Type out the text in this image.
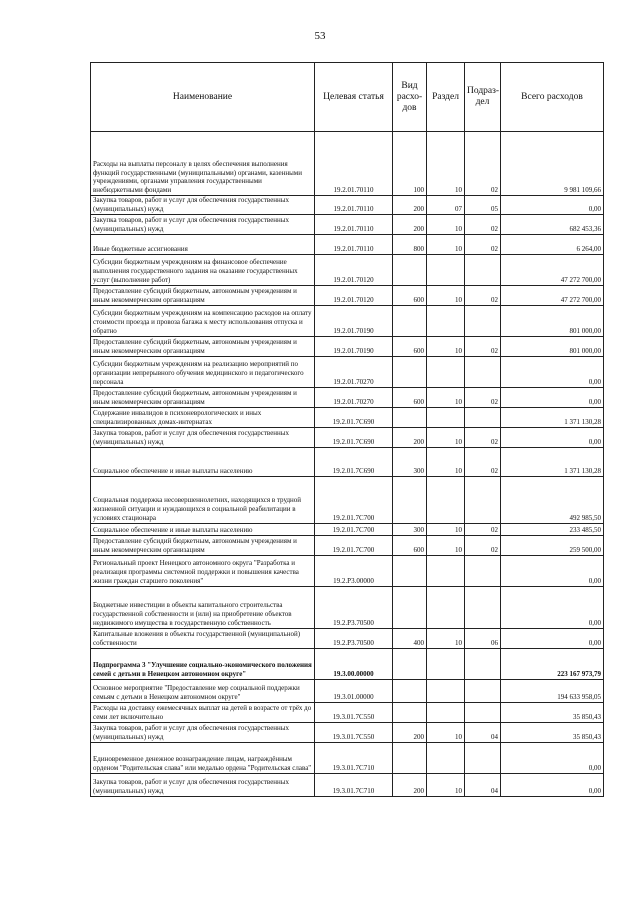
53
Наименование	Целевая статья	Вид расхо-дов	Раздел	Подраз-дел	Всего расходов
Расходы на выплаты персоналу в целях обеспечения выполнения функций государственными (муниципальными) органами, казенными учреждениями, органами управления государственными внебюджетными фондами	19.2.01.70110	100	10	02	9 981 109,66
Закупка товаров, работ и услуг для обеспечения государственных (муниципальных) нужд	19.2.01.70110	200	07	05	0,00
Закупка товаров, работ и услуг для обеспечения государственных (муниципальных) нужд	19.2.01.70110	200	10	02	682 453,36
Иные бюджетные ассигнования	19.2.01.70110	800	10	02	6 264,00
Субсидии бюджетным учреждениям на финансовое обеспечение выполнения государственного задания на оказание государственных услуг (выполнение работ)	19.2.01.70120				47 272 700,00
Предоставление субсидий бюджетным, автономным учреждениям и иным некоммерческим организациям	19.2.01.70120	600	10	02	47 272 700,00
Субсидии бюджетным учреждениям на компенсацию расходов на оплату стоимости проезда и провоза багажа к месту использования отпуска и обратно	19.2.01.70190				801 000,00
Предоставление субсидий бюджетным, автономным учреждениям и иным некоммерческим организациям	19.2.01.70190	600	10	02	801 000,00
Субсидии бюджетным учреждениям на реализацию мероприятий по организации непрерывного обучения медицинского и педагогического персонала	19.2.01.70270				0,00
Предоставление субсидий бюджетным, автономным учреждениям и иным некоммерческим организациям	19.2.01.70270	600	10	02	0,00
Содержание инвалидов в психоневрологических и иных специализированных домах-интернатах	19.2.01.7С690				1 371 130,28
Закупка товаров, работ и услуг для обеспечения государственных (муниципальных) нужд	19.2.01.7С690	200	10	02	0,00
Социальное обеспечение и иные выплаты населению	19.2.01.7С690	300	10	02	1 371 130,28
Социальная поддержка несовершеннолетних, находящихся в трудной жизненной ситуации и нуждающихся в социальной реабилитации в условиях стационара	19.2.01.7С700				492 985,50
Социальное обеспечение и иные выплаты населению	19.2.01.7С700	300	10	02	233 485,50
Предоставление субсидий бюджетным, автономным учреждениям и иным некоммерческим организациям	19.2.01.7С700	600	10	02	259 500,00
Региональный проект Ненецкого автономного округа "Разработка и реализация программы системной поддержки и повышения качества жизни граждан старшего поколения"	19.2.Р3.00000				0,00
Бюджетные инвестиции в объекты капитального строительства государственной собственности и (или) на приобретение объектов недвижимого имущества в государственную собственность	19.2.Р3.70500				0,00
Капитальные вложения в объекты государственной (муниципальной) собственности	19.2.Р3.70500	400	10	06	0,00
Подпрограмма 3 "Улучшение социально-экономического положения семей с детьми в Ненецком автономном округе"	19.3.00.00000				223 167 973,79
Основное мероприятие "Предоставление мер социальной поддержки семьям с детьми в Ненецком автономном округе"	19.3.01.00000				194 633 958,05
Расходы на доставку ежемесячных выплат на детей в возрасте от трёх до семи лет включительно	19.3.01.7С550				35 850,43
Закупка товаров, работ и услуг для обеспечения государственных (муниципальных) нужд	19.3.01.7С550	200	10	04	35 850,43
Единовременное денежное вознаграждение лицам, награждённым орденом "Родительская слава" или медалью ордена "Родительская слава"	19.3.01.7С710				0,00
Закупка товаров, работ и услуг для обеспечения государственных (муниципальных) нужд	19.3.01.7С710	200	10	04	0,00
